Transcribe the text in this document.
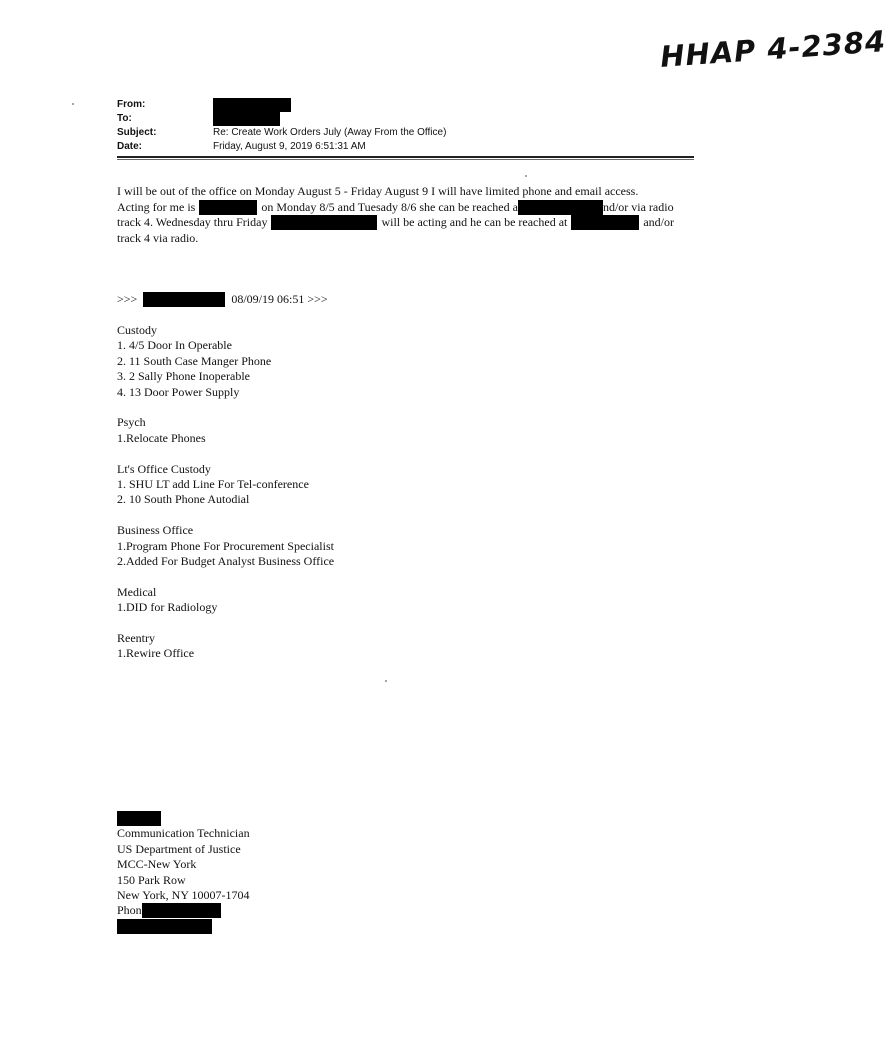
HHAP 4-2384
From:
To:
Subject:	Re: Create Work Orders July (Away From the Office)
Date:	Friday, August 9, 2019 6:51:31 AM
I will be out of the office on Monday August 5 - Friday August 9 I will have limited phone and email access.
Acting for me is	on Monday 8/5 and Tuesady 8/6 she can be reached a	nd/or via radio
track 4. Wednesday thru Friday	will be acting and he can be reached at	and/or
track 4 via radio.
>>>	08/09/19 06:51 >>>
Custody
1. 4/5 Door In Operable
2. 11 South Case Manger Phone
3. 2 Sally Phone Inoperable
4. 13 Door Power Supply
Psych
1.Relocate Phones
Lt's Office Custody
1. SHU LT add Line For Tel-conference
2. 10 South Phone Autodial
Business Office
1.Program Phone For Procurement Specialist
2.Added For Budget Analyst Business Office
Medical
1.DID for Radiology
Reentry
1.Rewire Office
Communication Technician
US Department of Justice
MCC-New York
150 Park Row
New York, NY 10007-1704
Phon
